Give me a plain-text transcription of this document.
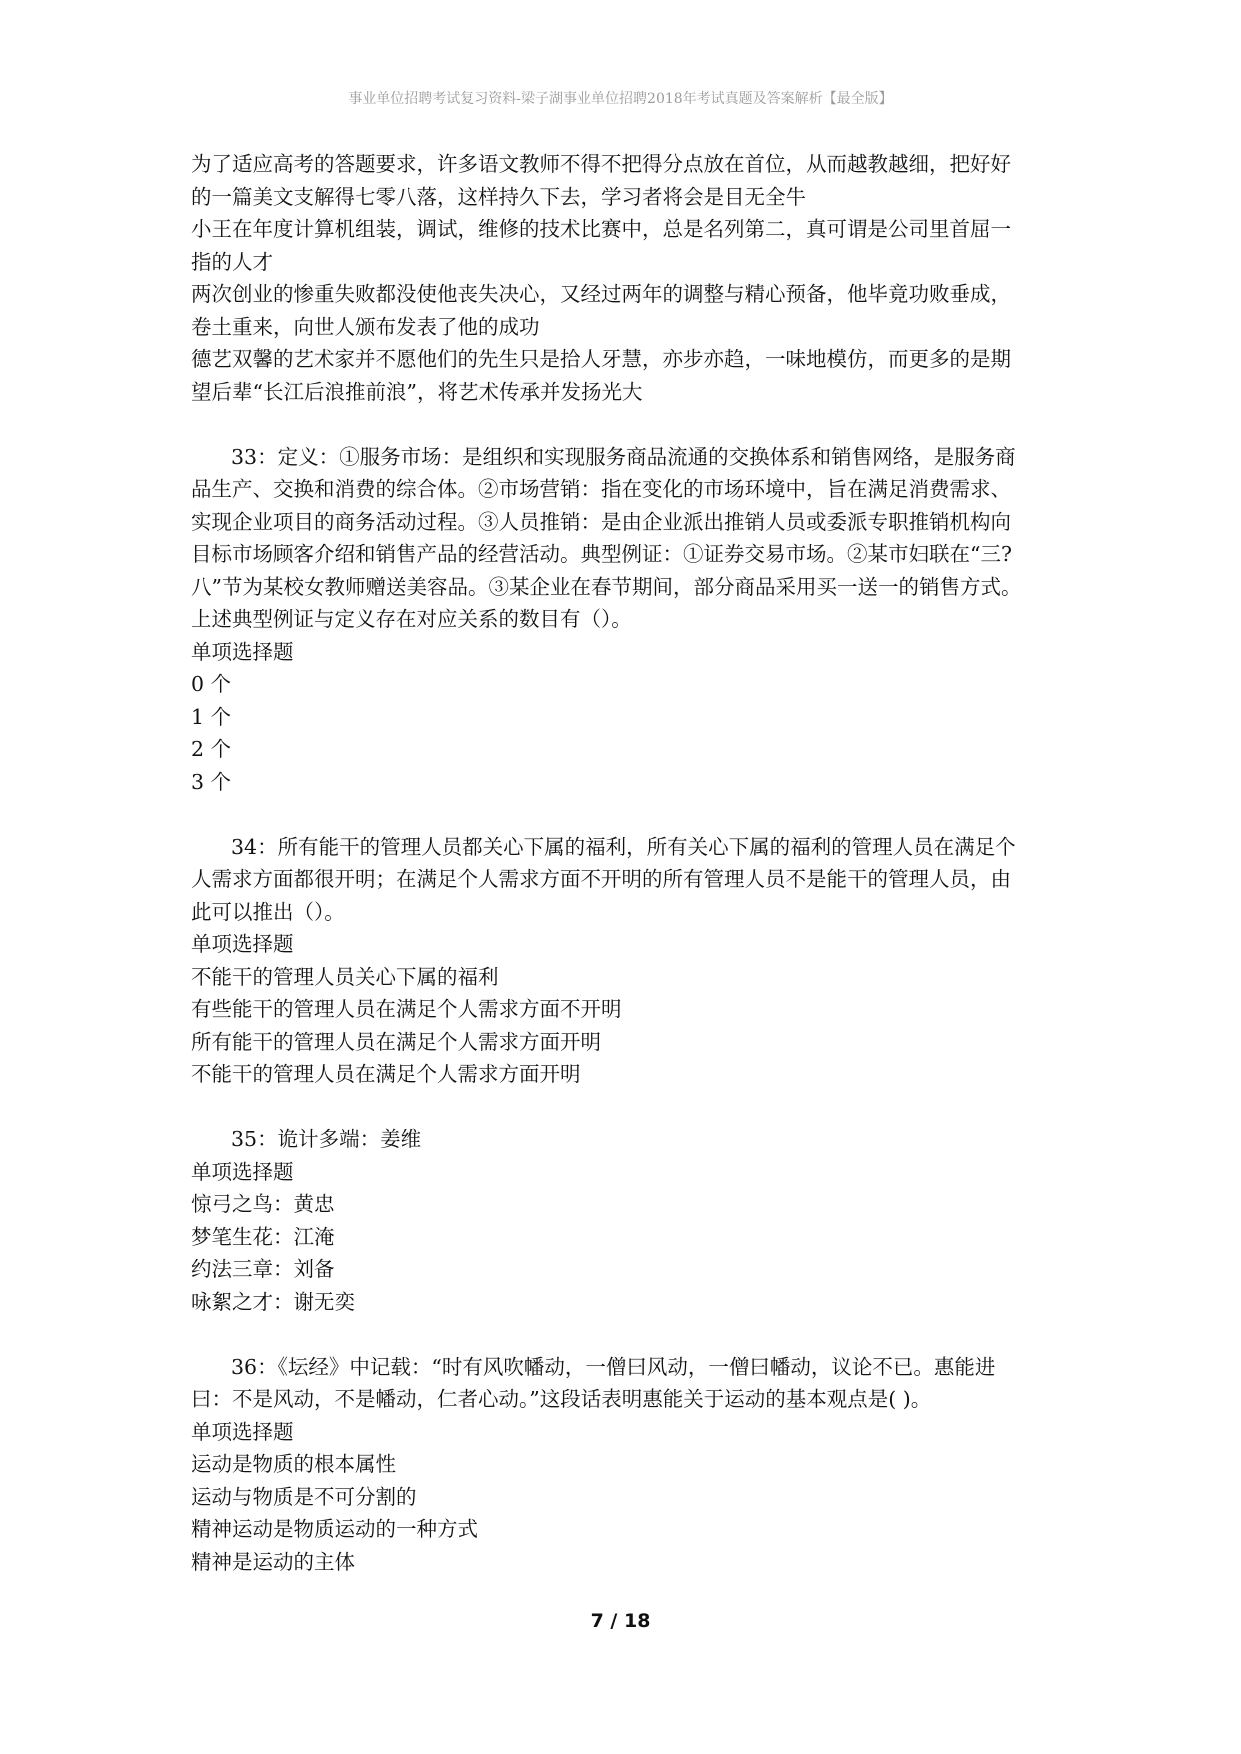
事业单位招聘考试复习资料-梁子湖事业单位招聘2018年考试真题及答案解析【最全版】
为了适应高考的答题要求，许多语文教师不得不把得分点放在首位，从而越教越细，把好好
的一篇美文支解得七零八落，这样持久下去，学习者将会是目无全牛
小王在年度计算机组装，调试，维修的技术比赛中，总是名列第二，真可谓是公司里首屈一
指的人才
两次创业的惨重失败都没使他丧失决心，又经过两年的调整与精心预备，他毕竟功败垂成，
卷土重来，向世人颁布发表了他的成功
德艺双馨的艺术家并不愿他们的先生只是拾人牙慧，亦步亦趋，一味地模仿，而更多的是期
望后辈“长江后浪推前浪”，将艺术传承并发扬光大
33：定义：①服务市场：是组织和实现服务商品流通的交换体系和销售网络，是服务商
品生产、交换和消费的综合体。②市场营销：指在变化的市场环境中，旨在满足消费需求、
实现企业项目的商务活动过程。③人员推销：是由企业派出推销人员或委派专职推销机构向
目标市场顾客介绍和销售产品的经营活动。典型例证：①证券交易市场。②某市妇联在“三?
八”节为某校女教师赠送美容品。③某企业在春节期间，部分商品采用买一送一的销售方式。
上述典型例证与定义存在对应关系的数目有（）。
单项选择题
0 个
1 个
2 个
3 个
34：所有能干的管理人员都关心下属的福利，所有关心下属的福利的管理人员在满足个
人需求方面都很开明；在满足个人需求方面不开明的所有管理人员不是能干的管理人员，由
此可以推出（）。
单项选择题
不能干的管理人员关心下属的福利
有些能干的管理人员在满足个人需求方面不开明
所有能干的管理人员在满足个人需求方面开明
不能干的管理人员在满足个人需求方面开明
35：诡计多端：姜维
单项选择题
惊弓之鸟：黄忠
梦笔生花：江淹
约法三章：刘备
咏絮之才：谢无奕
36：《坛经》中记载：“时有风吹幡动，一僧曰风动，一僧曰幡动，议论不已。惠能进
曰：不是风动，不是幡动，仁者心动。”这段话表明惠能关于运动的基本观点是( )。
单项选择题
运动是物质的根本属性
运动与物质是不可分割的
精神运动是物质运动的一种方式
精神是运动的主体
7 / 18
